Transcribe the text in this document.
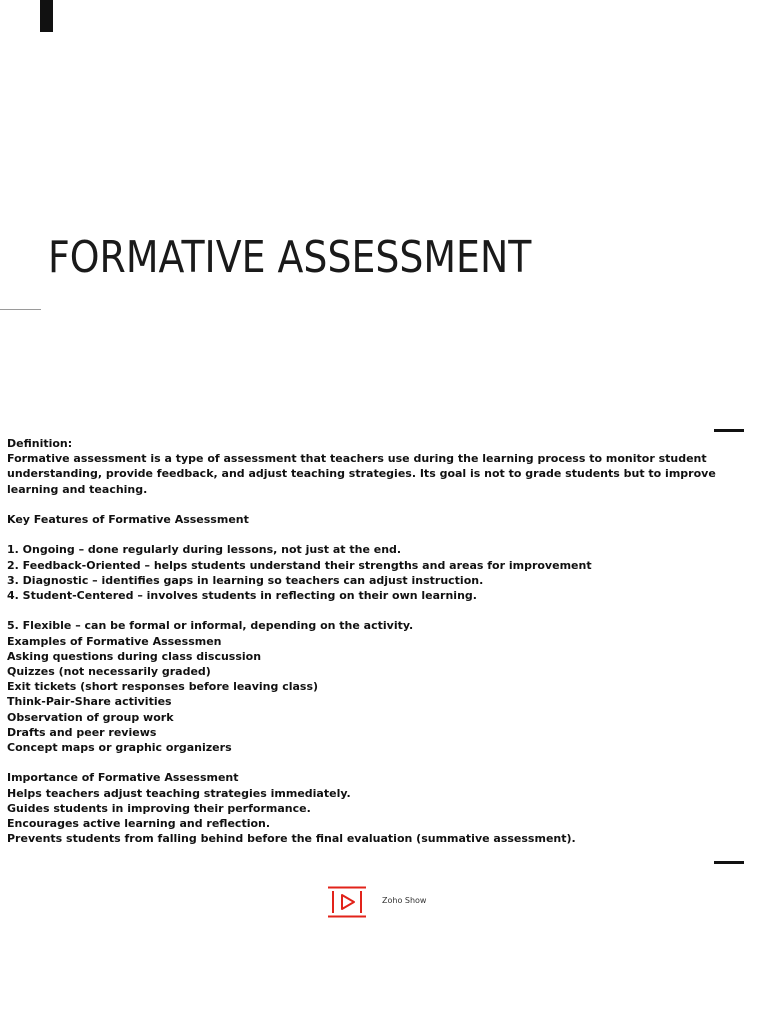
FORMATIVE ASSESSMENT
Definition:
Formative assessment is a type of assessment that teachers use during the learning process to monitor student understanding, provide feedback, and adjust teaching strategies. Its goal is not to grade students but to improve learning and teaching.
Key Features of Formative Assessment
1. Ongoing – done regularly during lessons, not just at the end.
2. Feedback-Oriented – helps students understand their strengths and areas for improvement
3. Diagnostic – identifies gaps in learning so teachers can adjust instruction.
4. Student-Centered – involves students in reflecting on their own learning.
5. Flexible – can be formal or informal, depending on the activity.
Examples of Formative Assessmen
Asking questions during class discussion
Quizzes (not necessarily graded)
Exit tickets (short responses before leaving class)
Think-Pair-Share activities
Observation of group work
Drafts and peer reviews
Concept maps or graphic organizers
Importance of Formative Assessment
Helps teachers adjust teaching strategies immediately.
Guides students in improving their performance.
Encourages active learning and reflection.
Prevents students from falling behind before the final evaluation (summative assessment).
Zoho Show
